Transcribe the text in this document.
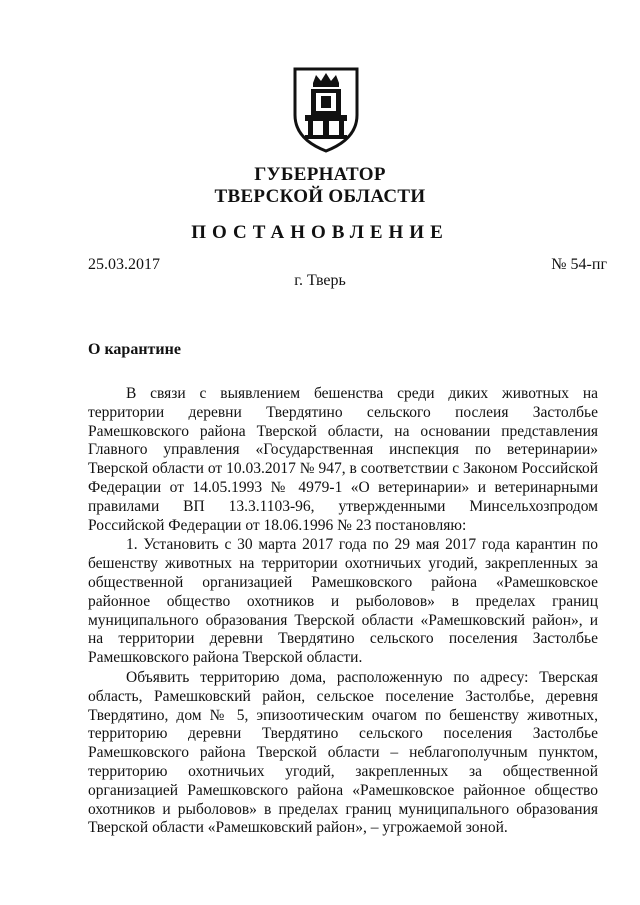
ГУБЕРНАТОР
ТВЕРСКОЙ ОБЛАСТИ
ПОСТАНОВЛЕНИЕ
25.03.2017	№ 54-пг
г. Тверь
О карантине

В связи с выявлением бешенства среди диких животных на территории деревни Твердятино сельского послеия Застолбье Рамешковского района Тверской области, на основании представления Главного управления «Государственная инспекция по ветеринарии» Тверской области от 10.03.2017 № 947, в соответствии с Законом Российской Федерации от 14.05.1993 № 4979-1 «О ветеринарии» и ветеринарными правилами ВП 13.3.1103-96, утвержденными Минсельхозпродом Российской Федерации от 18.06.1996 № 23 постановляю:

1. Установить с 30 марта 2017 года по 29 мая 2017 года карантин по бешенству животных на территории охотничьих угодий, закрепленных за общественной организацией Рамешковского района «Рамешковское районное общество охотников и рыболовов» в пределах границ муниципального образования Тверской области «Рамешковский район», и на территории деревни Твердятино сельского поселения Застолбье Рамешковского района Тверской области.

Объявить территорию дома, расположенную по адресу: Тверская область, Рамешковский район, сельское поселение Застолбье, деревня Твердятино, дом № 5, эпизоотическим очагом по бешенству животных, территорию деревни Твердятино сельского поселения Застолбье Рамешковского района Тверской области – неблагополучным пунктом, территорию охотничьих угодий, закрепленных за общественной организацией Рамешковского района «Рамешковское районное общество охотников и рыболовов» в пределах границ муниципального образования Тверской области «Рамешковский район», – угрожаемой зоной.
